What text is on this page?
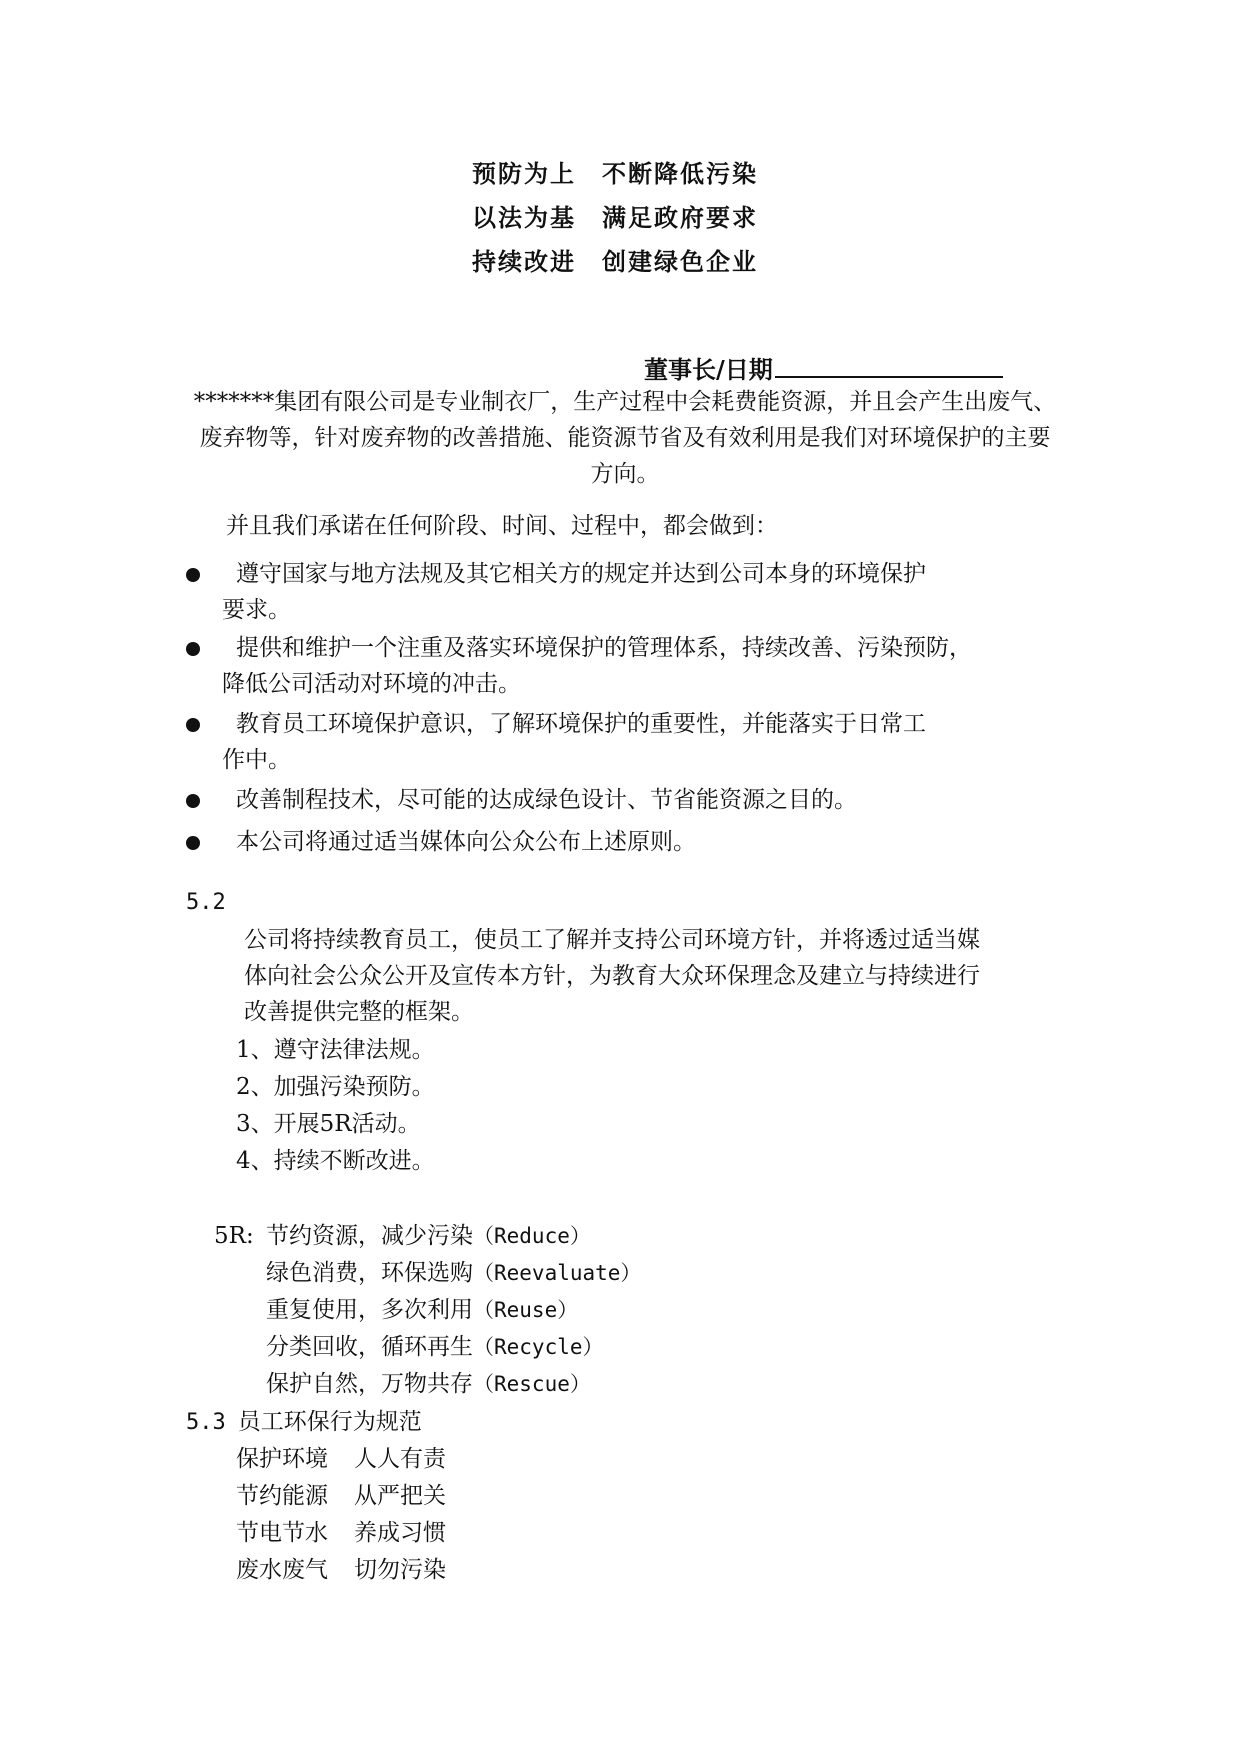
预防为上 不断降低污染
以法为基 满足政府要求
持续改进 创建绿色企业
董事长/日期
*******集团有限公司是专业制衣厂，生产过程中会耗费能资源，并且会产生出废气、废弃物等，针对废弃物的改善措施、能资源节省及有效利用是我们对环境保护的主要方向。
并且我们承诺在任何阶段、时间、过程中，都会做到：
遵守国家与地方法规及其它相关方的规定并达到公司本身的环境保护
要求。
提供和维护一个注重及落实环境保护的管理体系，持续改善、污染预防，
降低公司活动对环境的冲击。
教育员工环境保护意识，了解环境保护的重要性，并能落实于日常工
作中。
改善制程技术，尽可能的达成绿色设计、节省能资源之目的。
本公司将通过适当媒体向公众公布上述原则。
5.2
公司将持续教育员工，使员工了解并支持公司环境方针，并将透过适当媒
体向社会公众公开及宣传本方针，为教育大众环保理念及建立与持续进行
改善提供完整的框架。
1、遵守法律法规。
2、加强污染预防。
3、开展5R活动。
4、持续不断改进。
5R: 节约资源，减少污染（Reduce）
绿色消费，环保选购（Reevaluate）
重复使用，多次利用（Reuse）
分类回收，循环再生（Recycle）
保护自然，万物共存（Rescue）
5.3 员工环保行为规范
保护环境 人人有责
节约能源 从严把关
节电节水 养成习惯
废水废气 切勿污染
